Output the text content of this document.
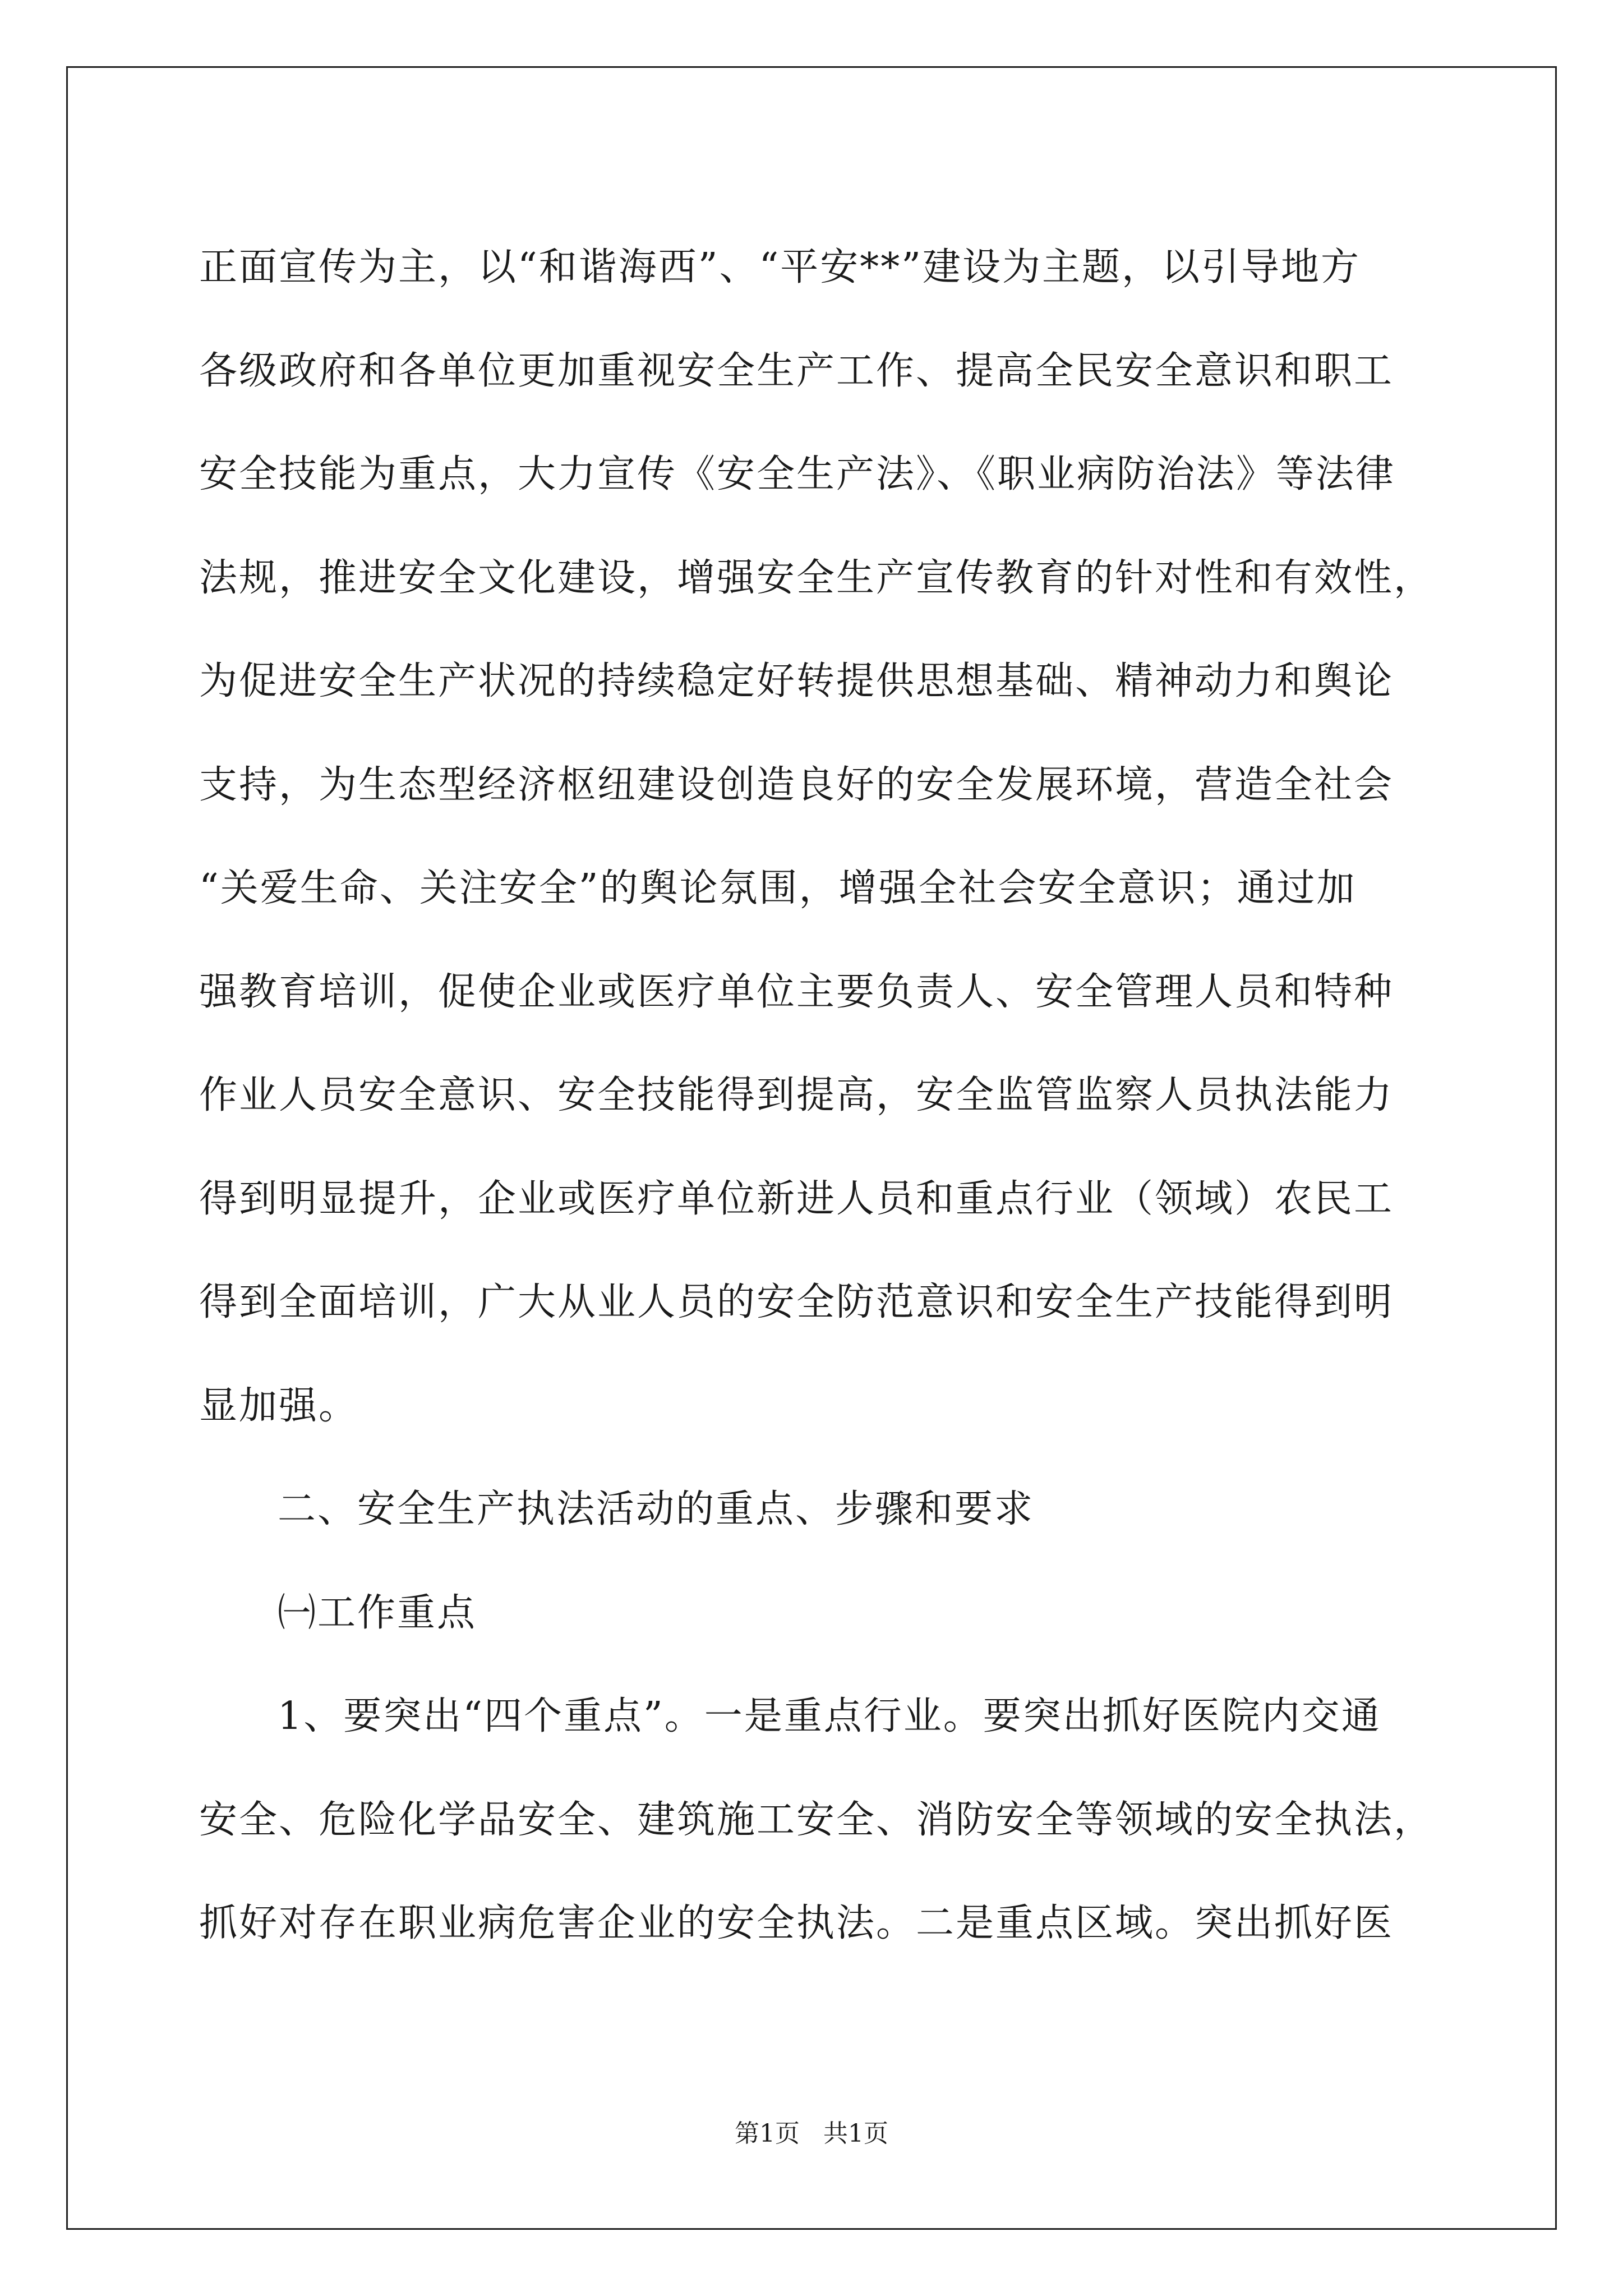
正面宣传为主，以“和谐海西”、“平安**”建设为主题，以引导地方
各级政府和各单位更加重视安全生产工作、提高全民安全意识和职工
安全技能为重点，大力宣传《安全生产法》、《职业病防治法》等法律
法规，推进安全文化建设，增强安全生产宣传教育的针对性和有效性，
为促进安全生产状况的持续稳定好转提供思想基础、精神动力和舆论
支持，为生态型经济枢纽建设创造良好的安全发展环境，营造全社会
“关爱生命、关注安全”的舆论氛围，增强全社会安全意识；通过加
强教育培训，促使企业或医疗单位主要负责人、安全管理人员和特种
作业人员安全意识、安全技能得到提高，安全监管监察人员执法能力
得到明显提升，企业或医疗单位新进人员和重点行业（领域）农民工
得到全面培训，广大从业人员的安全防范意识和安全生产技能得到明
显加强。
二、安全生产执法活动的重点、步骤和要求
㈠工作重点
1、要突出“四个重点”。一是重点行业。要突出抓好医院内交通
安全、危险化学品安全、建筑施工安全、消防安全等领域的安全执法，
抓好对存在职业病危害企业的安全执法。二是重点区域。突出抓好医
第1页   共1页
